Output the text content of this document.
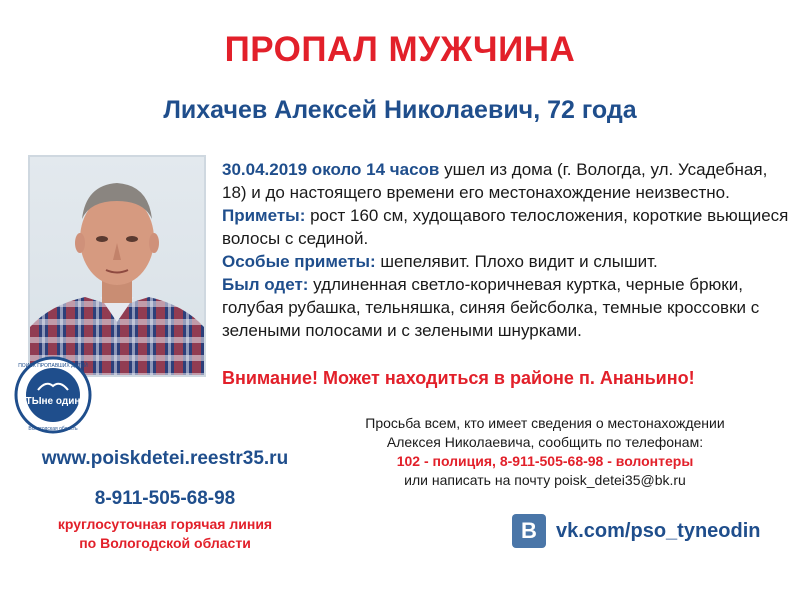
ПРОПАЛ МУЖЧИНА
Лихачев Алексей Николаевич, 72 года
ТЫне один
ПОИСК ПРОПАВШИХ ДЕТЕЙ
Вологодская область

30.04.2019 около 14 часов ушел из дома (г. Вологда, ул. Усадебная, 18) и до настоящего времени его местонахождение неизвестно.

Приметы: рост 160 см, худощавого телосложения, короткие вьющиеся волосы с сединой.

Особые приметы: шепелявит. Плохо видит и слышит.

Был одет: удлиненная светло-коричневая куртка, черные брюки, голубая рубашка, тельняшка, синяя бейсболка, темные кроссовки с зелеными полосами и с зелеными шнурками.

Внимание! Может находиться в районе п. Ананьино!
Просьба всем, кто имеет сведения о местонахождении
Алексея Николаевича, сообщить по телефонам:
102 - полиция, 8-911-505-68-98 - волонтеры
или написать на почту poisk_detei35@bk.ru
www.poiskdetei.reestr35.ru
8-911-505-68-98
круглосуточная горячая линия
по Вологодской области	B vk.com/pso_tyneodin
